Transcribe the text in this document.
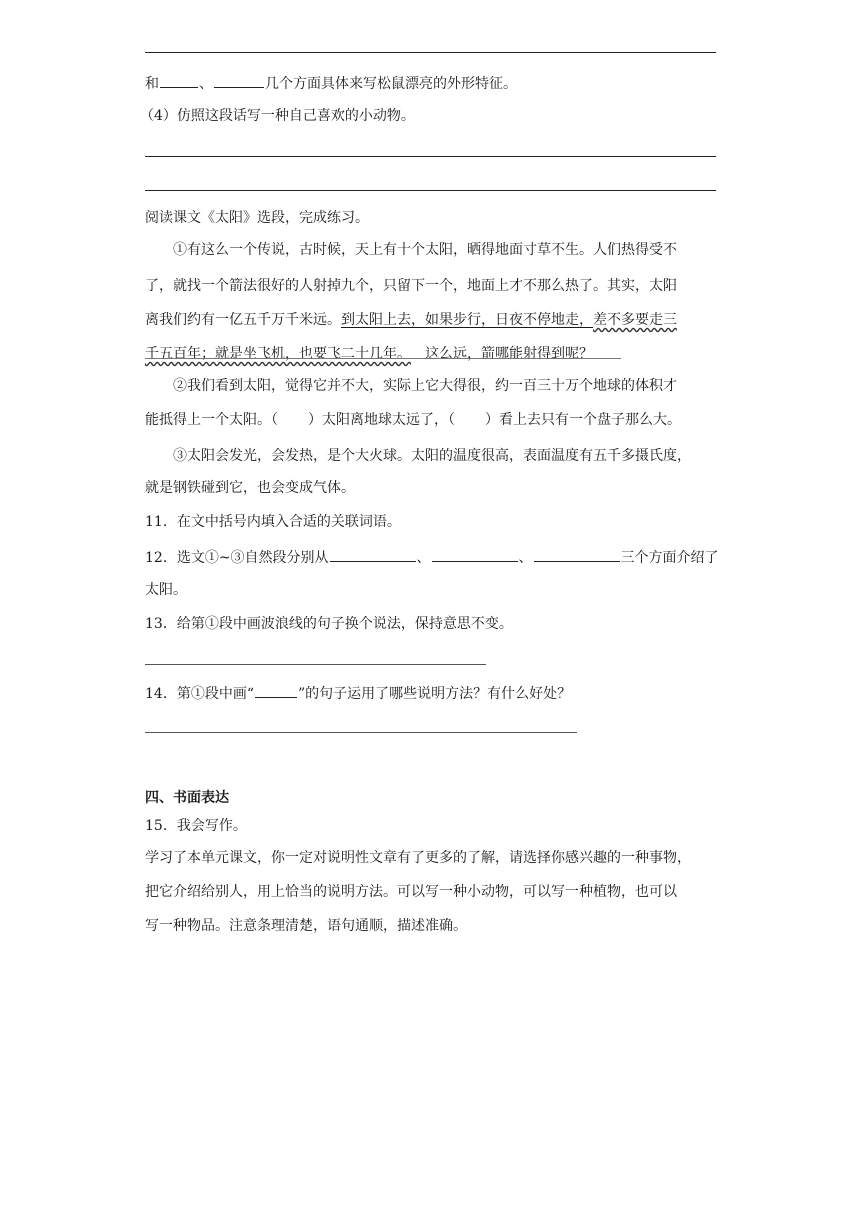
和	、	几个方面具体来写松鼠漂亮的外形特征。
（4）仿照这段话写一种自己喜欢的小动物。
阅读课文《太阳》选段，完成练习。
①有这么一个传说，古时候，天上有十个太阳，晒得地面寸草不生。人们热得受不
了，就找一个箭法很好的人射掉九个，只留下一个，地面上才不那么热了。其实，太阳
离我们约有一亿五千万千米远。到太阳上去，如果步行，日夜不停地走，差不多要走三
千五百年；就是坐飞机，也要飞二十几年。 这么远，箭哪能射得到呢？
②我们看到太阳，觉得它并不大，实际上它大得很，约一百三十万个地球的体积才
能抵得上一个太阳。（ ）太阳离地球太远了，（ ）看上去只有一个盘子那么大。
③太阳会发光，会发热，是个大火球。太阳的温度很高，表面温度有五千多摄氏度，
就是钢铁碰到它，也会变成气体。
11．在文中括号内填入合适的关联词语。
12．选文①~③自然段分别从	、	、	三个方面介绍了
太阳。
13．给第①段中画波浪线的句子换个说法，保持意思不变。
14．第①段中画“	”的句子运用了哪些说明方法？有什么好处？
四、书面表达
15．我会写作。
学习了本单元课文，你一定对说明性文章有了更多的了解，请选择你感兴趣的一种事物，
把它介绍给别人，用上恰当的说明方法。可以写一种小动物，可以写一种植物，也可以
写一种物品。注意条理清楚，语句通顺，描述准确。
